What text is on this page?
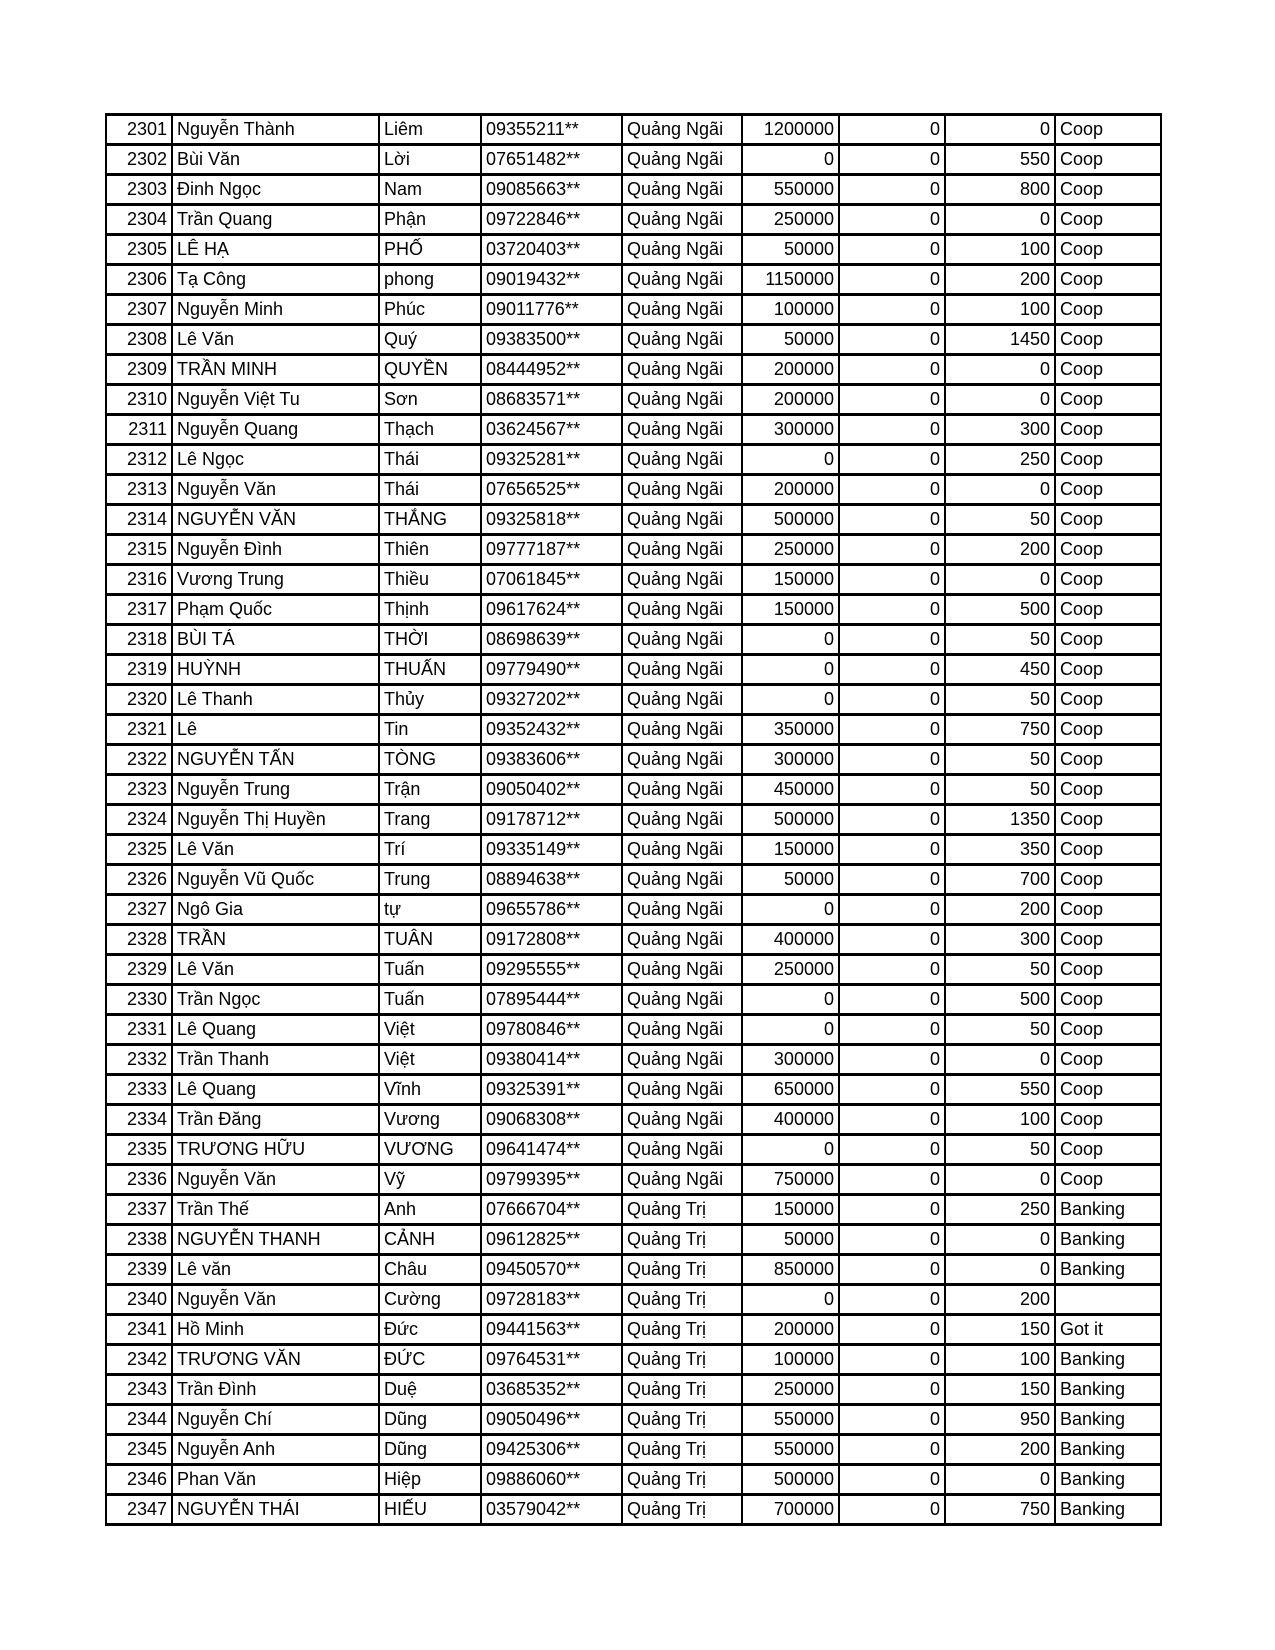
2301	Nguyễn Thành	Liêm	09355211**	Quảng Ngãi	1200000	0	0	Coop
2302	Bùi Văn	Lời	07651482**	Quảng Ngãi	0	0	550	Coop
2303	Đinh Ngọc	Nam	09085663**	Quảng Ngãi	550000	0	800	Coop
2304	Trần Quang	Phận	09722846**	Quảng Ngãi	250000	0	0	Coop
2305	LÊ HẠ	PHỐ	03720403**	Quảng Ngãi	50000	0	100	Coop
2306	Tạ Công	phong	09019432**	Quảng Ngãi	1150000	0	200	Coop
2307	Nguyễn Minh	Phúc	09011776**	Quảng Ngãi	100000	0	100	Coop
2308	Lê Văn	Quý	09383500**	Quảng Ngãi	50000	0	1450	Coop
2309	TRẦN MINH	QUYỀN	08444952**	Quảng Ngãi	200000	0	0	Coop
2310	Nguyễn Việt Tu	Sơn	08683571**	Quảng Ngãi	200000	0	0	Coop
2311	Nguyễn Quang	Thạch	03624567**	Quảng Ngãi	300000	0	300	Coop
2312	Lê Ngọc	Thái	09325281**	Quảng Ngãi	0	0	250	Coop
2313	Nguyễn Văn	Thái	07656525**	Quảng Ngãi	200000	0	0	Coop
2314	NGUYỄN VĂN	THẮNG	09325818**	Quảng Ngãi	500000	0	50	Coop
2315	Nguyễn Đình	Thiên	09777187**	Quảng Ngãi	250000	0	200	Coop
2316	Vương Trung	Thiều	07061845**	Quảng Ngãi	150000	0	0	Coop
2317	Phạm Quốc	Thịnh	09617624**	Quảng Ngãi	150000	0	500	Coop
2318	BÙI TÁ	THỜI	08698639**	Quảng Ngãi	0	0	50	Coop
2319	HUỲNH	THUẤN	09779490**	Quảng Ngãi	0	0	450	Coop
2320	Lê Thanh	Thủy	09327202**	Quảng Ngãi	0	0	50	Coop
2321	Lê	Tin	09352432**	Quảng Ngãi	350000	0	750	Coop
2322	NGUYỄN TẤN	TÒNG	09383606**	Quảng Ngãi	300000	0	50	Coop
2323	Nguyễn Trung	Trận	09050402**	Quảng Ngãi	450000	0	50	Coop
2324	Nguyễn Thị Huyền	Trang	09178712**	Quảng Ngãi	500000	0	1350	Coop
2325	Lê Văn	Trí	09335149**	Quảng Ngãi	150000	0	350	Coop
2326	Nguyễn Vũ Quốc	Trung	08894638**	Quảng Ngãi	50000	0	700	Coop
2327	Ngô Gia	tự	09655786**	Quảng Ngãi	0	0	200	Coop
2328	TRẦN	TUÂN	09172808**	Quảng Ngãi	400000	0	300	Coop
2329	Lê Văn	Tuấn	09295555**	Quảng Ngãi	250000	0	50	Coop
2330	Trần Ngọc	Tuấn	07895444**	Quảng Ngãi	0	0	500	Coop
2331	Lê Quang	Việt	09780846**	Quảng Ngãi	0	0	50	Coop
2332	Trần Thanh	Việt	09380414**	Quảng Ngãi	300000	0	0	Coop
2333	Lê Quang	Vĩnh	09325391**	Quảng Ngãi	650000	0	550	Coop
2334	Trần Đăng	Vương	09068308**	Quảng Ngãi	400000	0	100	Coop
2335	TRƯƠNG HỮU	VƯƠNG	09641474**	Quảng Ngãi	0	0	50	Coop
2336	Nguyễn Văn	Vỹ	09799395**	Quảng Ngãi	750000	0	0	Coop
2337	Trần Thế	Anh	07666704**	Quảng Trị	150000	0	250	Banking
2338	NGUYỄN THANH	CẢNH	09612825**	Quảng Trị	50000	0	0	Banking
2339	Lê văn	Châu	09450570**	Quảng Trị	850000	0	0	Banking
2340	Nguyễn Văn	Cường	09728183**	Quảng Trị	0	0	200	
2341	Hồ Minh	Đức	09441563**	Quảng Trị	200000	0	150	Got it
2342	TRƯƠNG VĂN	ĐỨC	09764531**	Quảng Trị	100000	0	100	Banking
2343	Trần Đình	Duệ	03685352**	Quảng Trị	250000	0	150	Banking
2344	Nguyễn Chí	Dũng	09050496**	Quảng Trị	550000	0	950	Banking
2345	Nguyễn Anh	Dũng	09425306**	Quảng Trị	550000	0	200	Banking
2346	Phan Văn	Hiệp	09886060**	Quảng Trị	500000	0	0	Banking
2347	NGUYỄN THÁI	HIẾU	03579042**	Quảng Trị	700000	0	750	Banking
